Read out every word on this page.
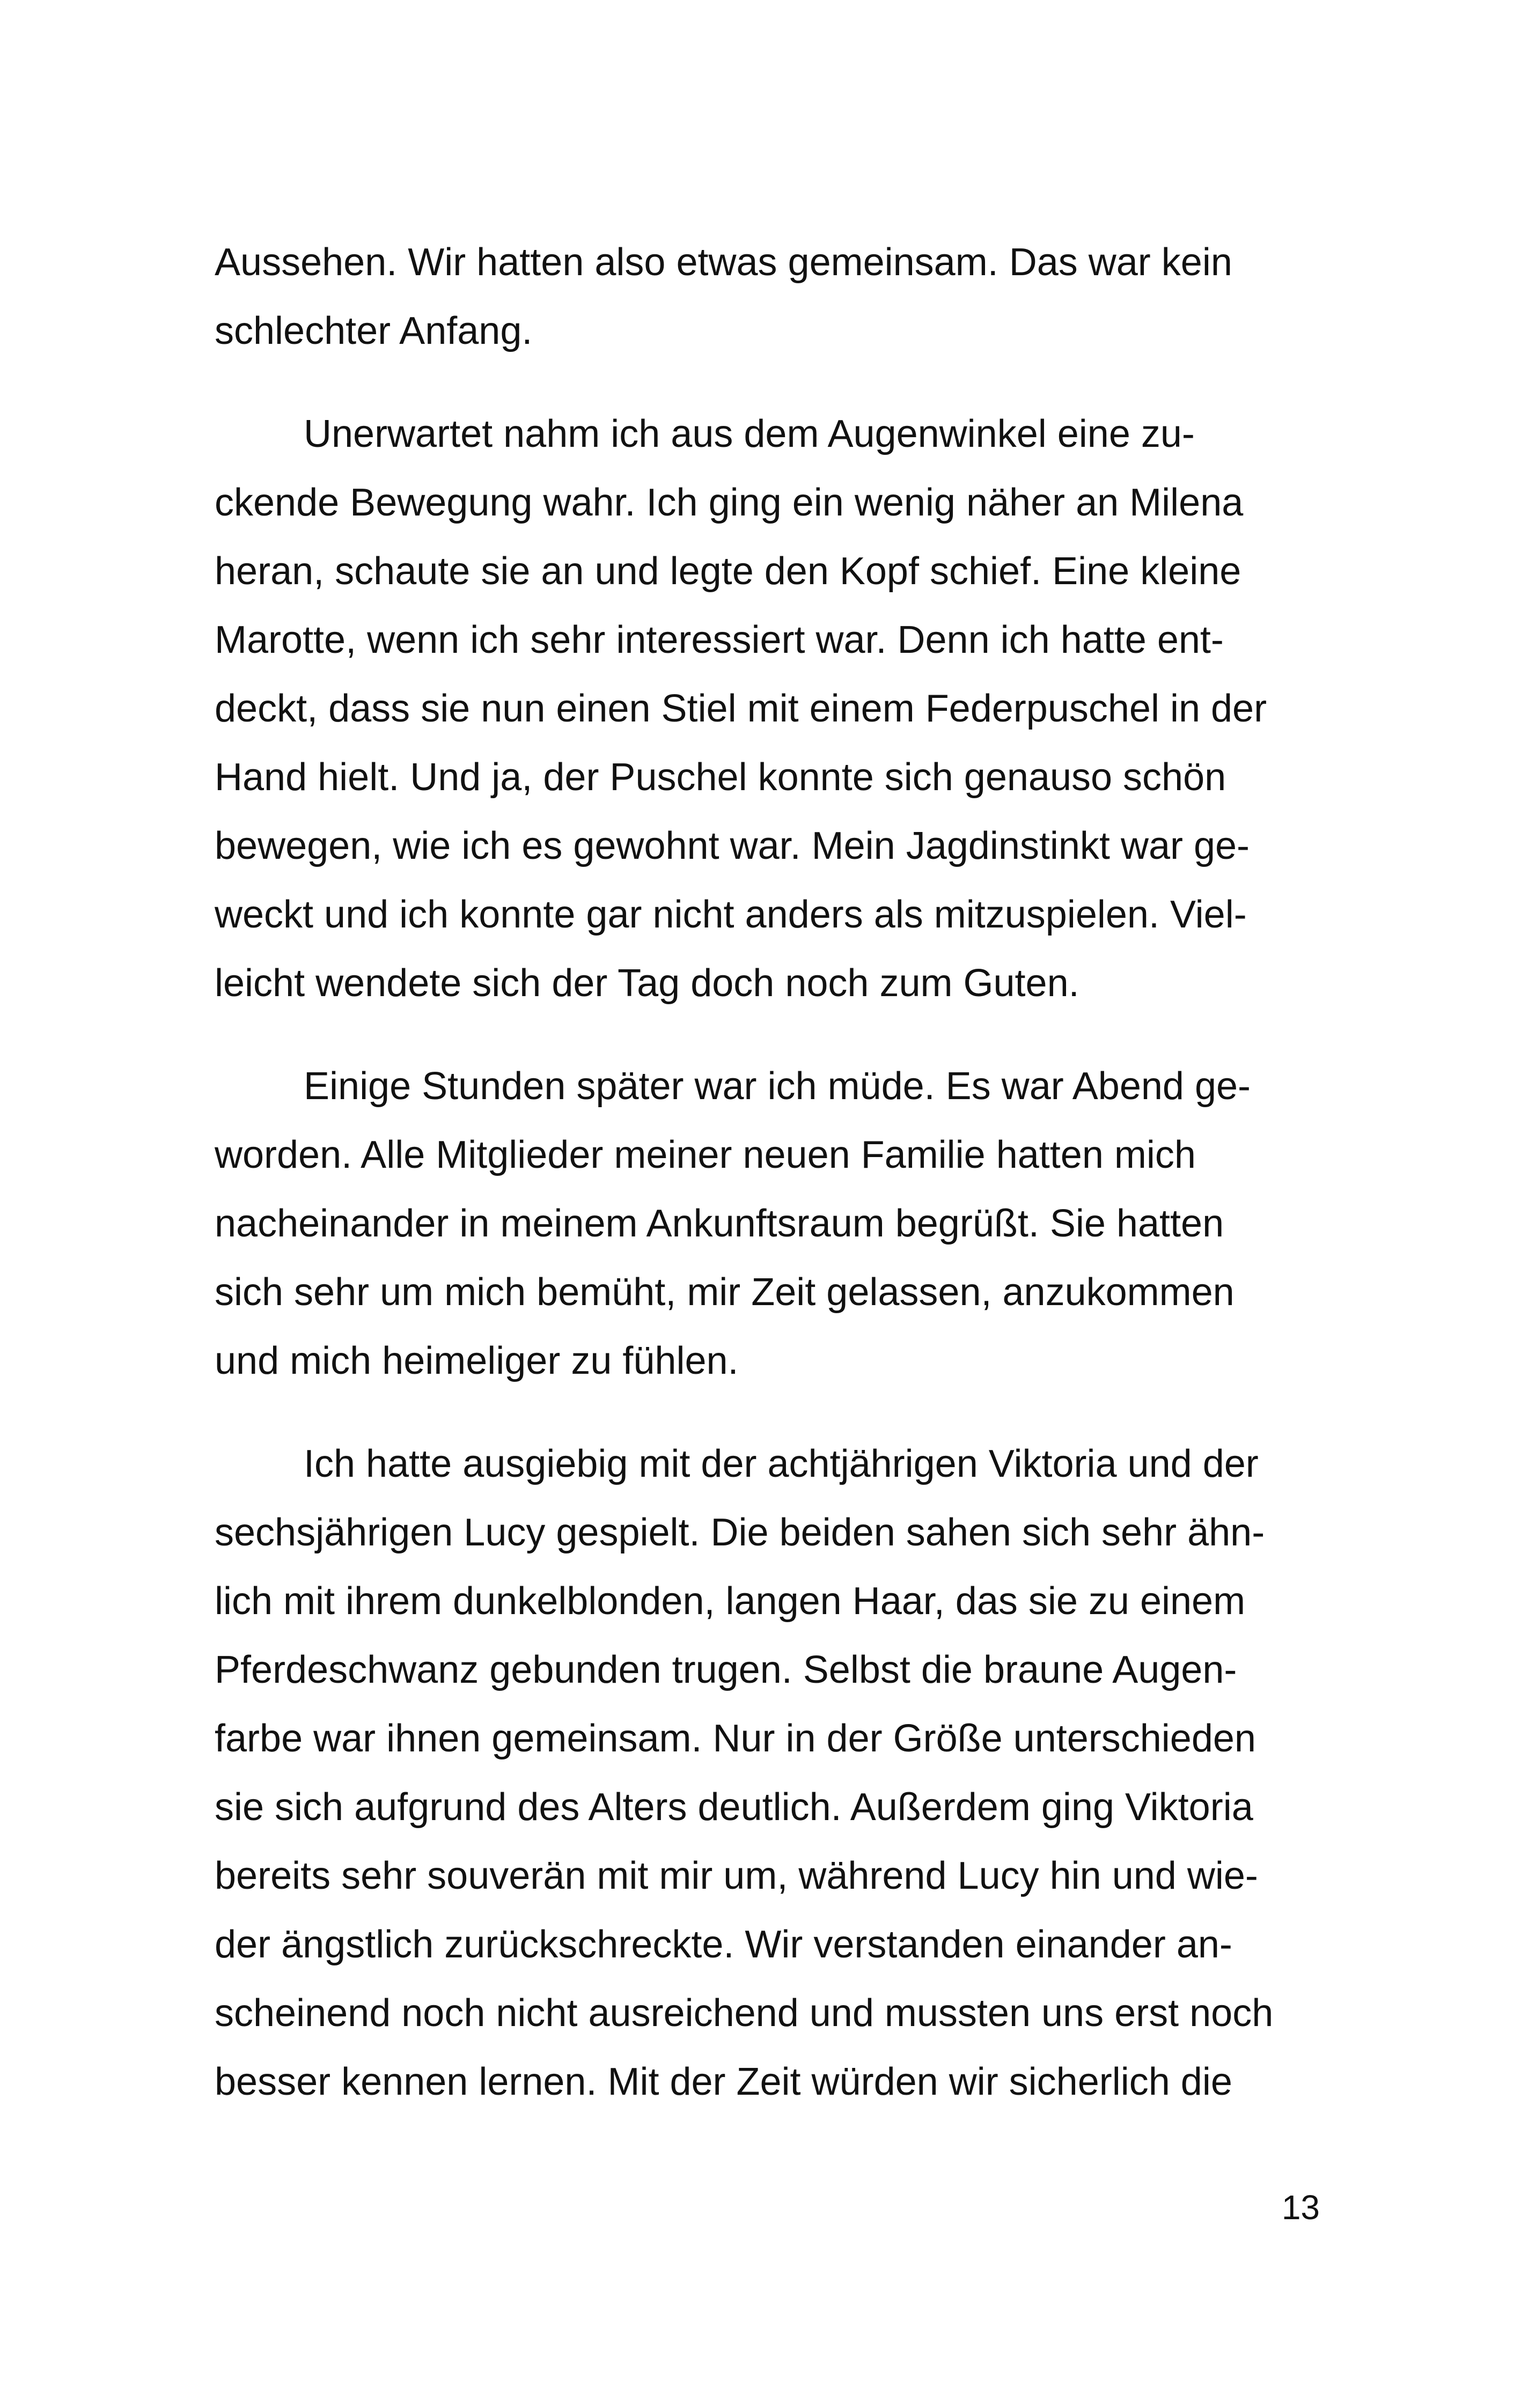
Aussehen. Wir hatten also etwas gemeinsam. Das war kein
schlechter Anfang.
Unerwartet nahm ich aus dem Augenwinkel eine zu-
ckende Bewegung wahr. Ich ging ein wenig näher an Milena
heran, schaute sie an und legte den Kopf schief. Eine kleine
Marotte, wenn ich sehr interessiert war. Denn ich hatte ent-
deckt, dass sie nun einen Stiel mit einem Federpuschel in der
Hand hielt. Und ja, der Puschel konnte sich genauso schön
bewegen, wie ich es gewohnt war. Mein Jagdinstinkt war ge-
weckt und ich konnte gar nicht anders als mitzuspielen. Viel-
leicht wendete sich der Tag doch noch zum Guten.
Einige Stunden später war ich müde. Es war Abend ge-
worden. Alle Mitglieder meiner neuen Familie hatten mich
nacheinander in meinem Ankunftsraum begrüßt. Sie hatten
sich sehr um mich bemüht, mir Zeit gelassen, anzukommen
und mich heimeliger zu fühlen.
Ich hatte ausgiebig mit der achtjährigen Viktoria und der
sechsjährigen Lucy gespielt. Die beiden sahen sich sehr ähn-
lich mit ihrem dunkelblonden, langen Haar, das sie zu einem
Pferdeschwanz gebunden trugen. Selbst die braune Augen-
farbe war ihnen gemeinsam. Nur in der Größe unterschieden
sie sich aufgrund des Alters deutlich. Außerdem ging Viktoria
bereits sehr souverän mit mir um, während Lucy hin und wie-
der ängstlich zurückschreckte. Wir verstanden einander an-
scheinend noch nicht ausreichend und mussten uns erst noch
besser kennen lernen. Mit der Zeit würden wir sicherlich die
13
